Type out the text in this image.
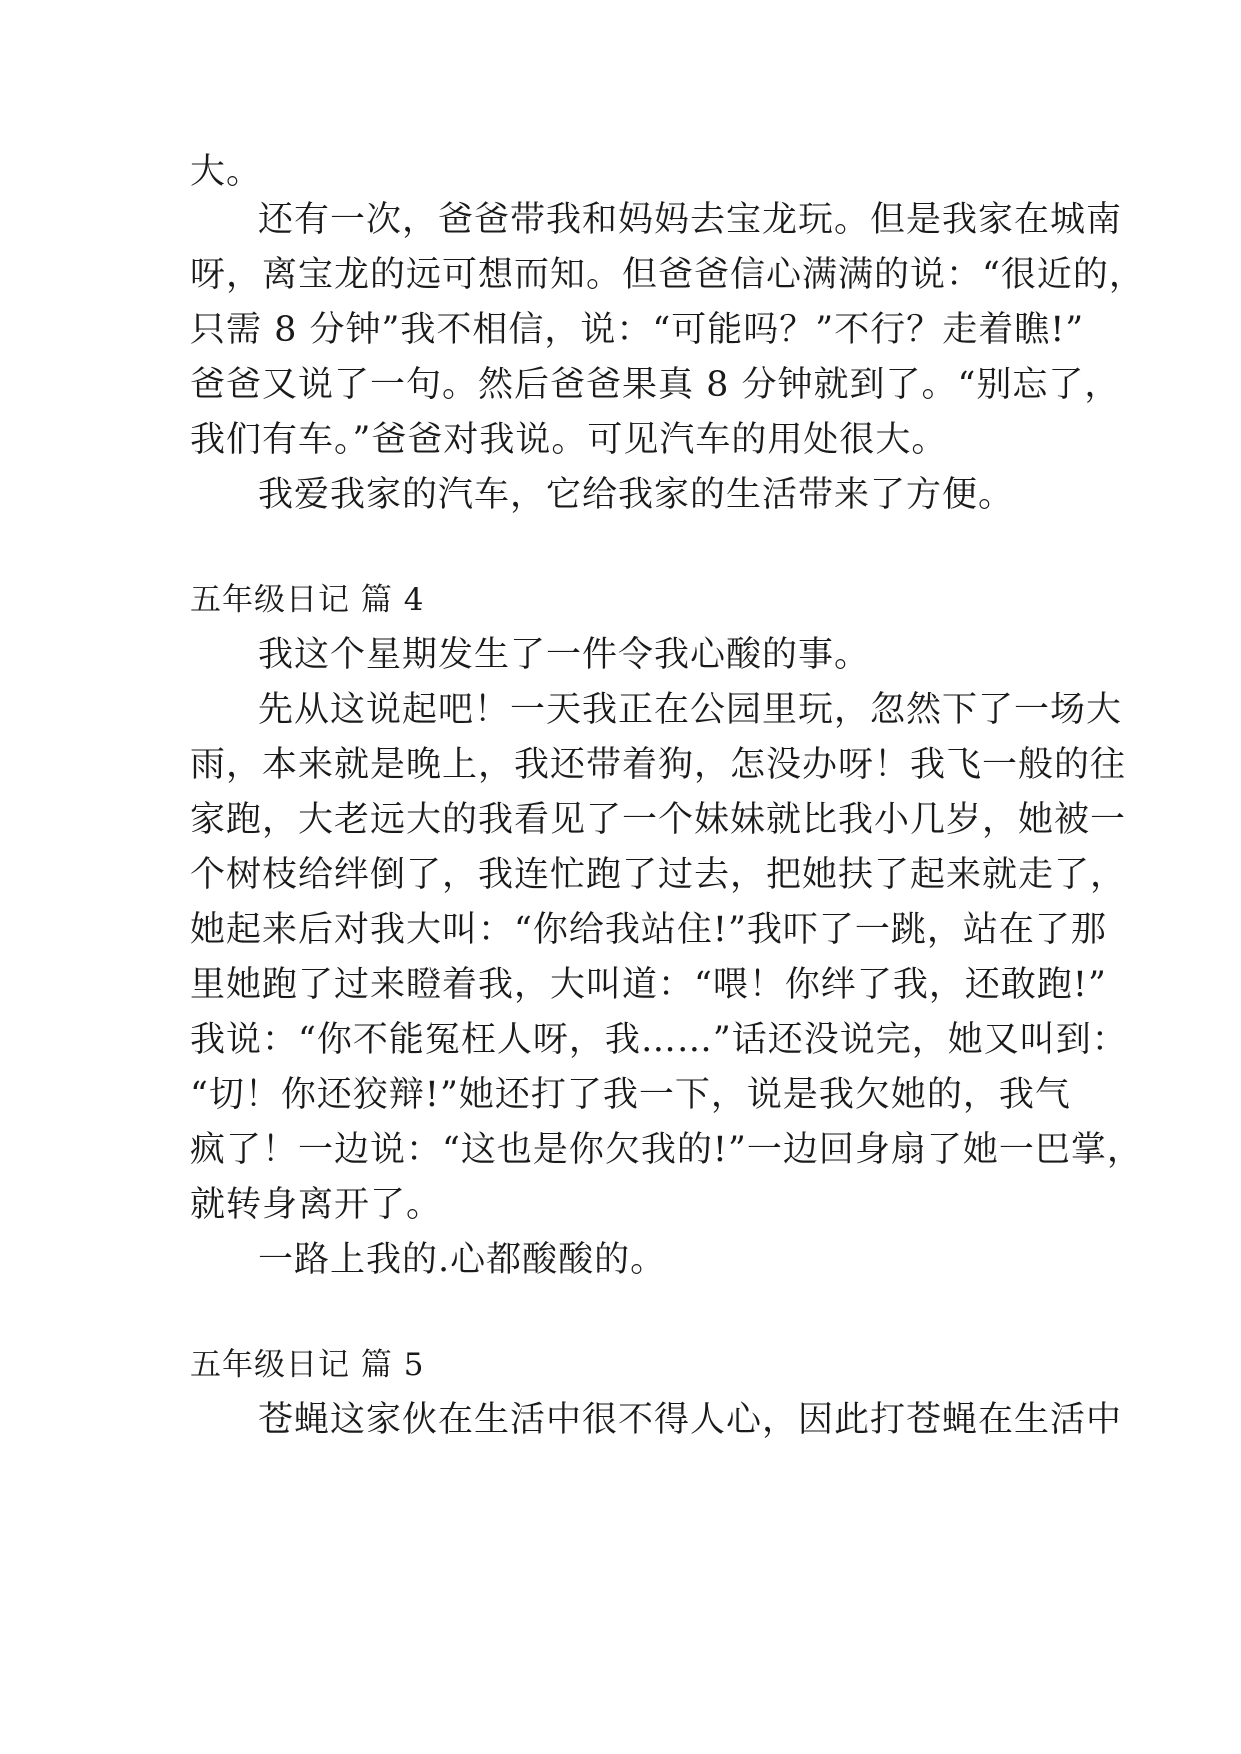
大。
还有一次，爸爸带我和妈妈去宝龙玩。但是我家在城南
呀，离宝龙的远可想而知。但爸爸信心满满的说：“很近的，
只需 8 分钟”我不相信，说：“可能吗？”不行？走着瞧!”
爸爸又说了一句。然后爸爸果真 8 分钟就到了。“别忘了，
我们有车。”爸爸对我说。可见汽车的用处很大。
我爱我家的汽车，它给我家的生活带来了方便。
五年级日记 篇 4
我这个星期发生了一件令我心酸的事。
先从这说起吧！一天我正在公园里玩，忽然下了一场大
雨，本来就是晚上，我还带着狗，怎没办呀！我飞一般的往
家跑，大老远大的我看见了一个妹妹就比我小几岁，她被一
个树枝给绊倒了，我连忙跑了过去，把她扶了起来就走了，
她起来后对我大叫：“你给我站住!”我吓了一跳，站在了那
里她跑了过来瞪着我，大叫道：“喂！你绊了我，还敢跑!”
我说：“你不能冤枉人呀，我……”话还没说完，她又叫到：
“切！你还狡辩!”她还打了我一下，说是我欠她的，我气
疯了！一边说：“这也是你欠我的!”一边回身扇了她一巴掌，
就转身离开了。
一路上我的.心都酸酸的。
五年级日记 篇 5
苍蝇这家伙在生活中很不得人心，因此打苍蝇在生活中
